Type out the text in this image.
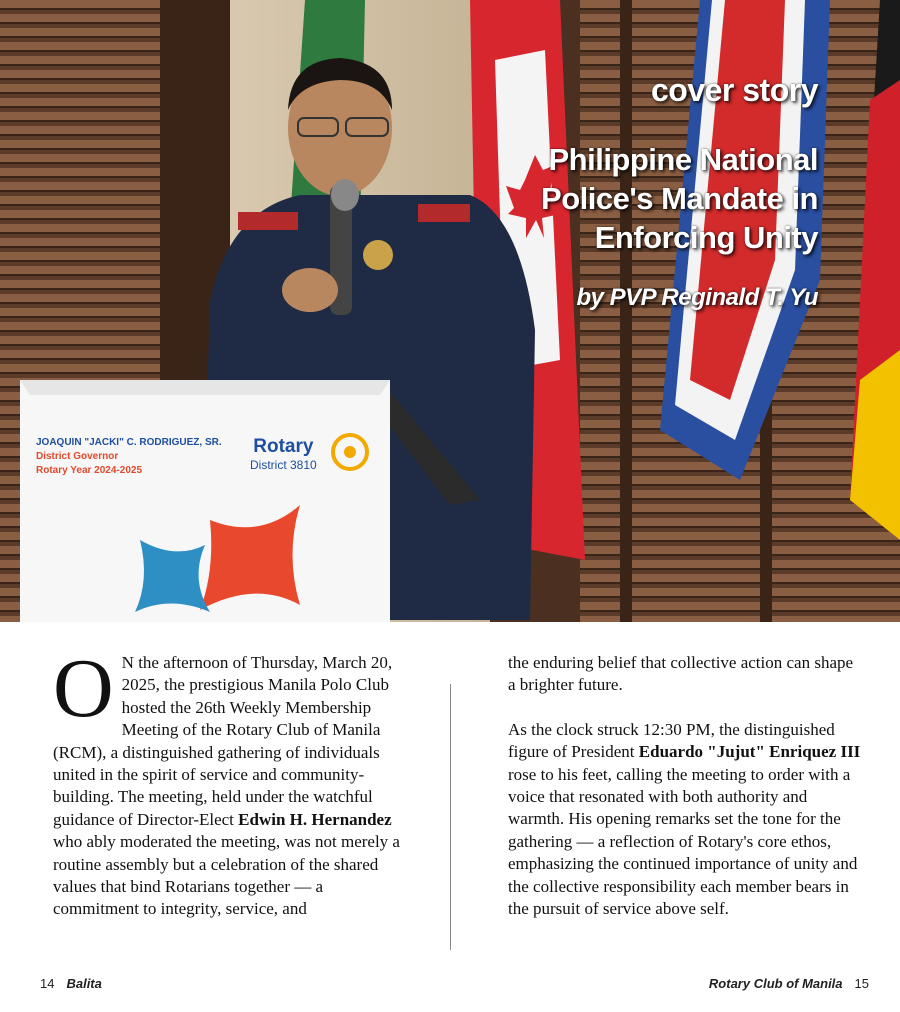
JOAQUIN "JACKI" C. RODRIGUEZ, SR.
District Governor
Rotary Year 2024-2025
Rotary
District 3810
cover story
Philippine National Police's Mandate in Enforcing Unity
by PVP Reginald T. Yu
O N the afternoon of Thursday, March 20, 2025, the prestigious Manila Polo Club hosted the 26th Weekly Membership Meeting of the Rotary Club of Manila (RCM), a distinguished gathering of individuals united in the spirit of service and community-building. The meeting, held under the watchful guidance of Director-Elect Edwin H. Hernandez who ably moderated the meeting, was not merely a routine assembly but a celebration of the shared values that bind Rotarians together — a commitment to integrity, service, and

the enduring belief that collective action can shape a brighter future.

As the clock struck 12:30 PM, the distinguished figure of President Eduardo "Jujut" Enriquez III rose to his feet, calling the meeting to order with a voice that resonated with both authority and warmth. His opening remarks set the tone for the gathering — a reflection of Rotary's core ethos, emphasizing the continued importance of unity and the collective responsibility each member bears in the pursuit of service above self.

14 Balita	Rotary Club of Manila 15
